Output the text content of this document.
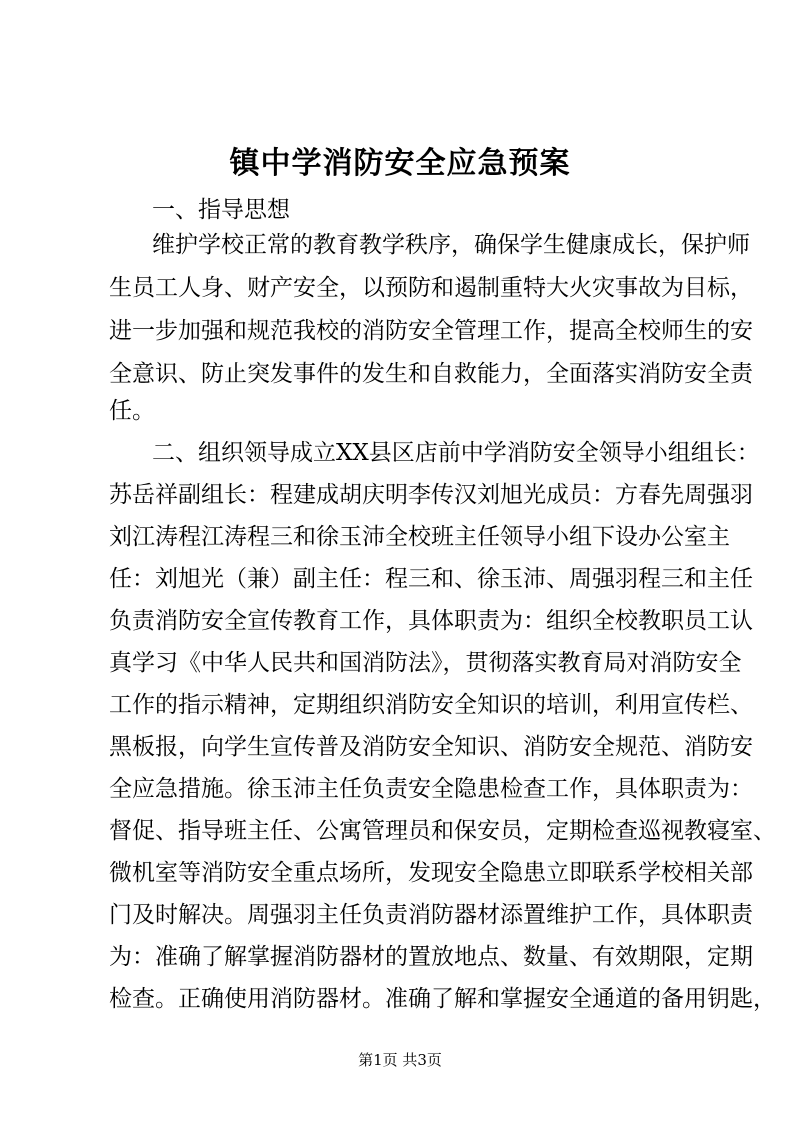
镇中学消防安全应急预案
一、指导思想
维护学校正常的教育教学秩序，确保学生健康成长，保护师
生员工人身、财产安全，以预防和遏制重特大火灾事故为目标，
进一步加强和规范我校的消防安全管理工作，提高全校师生的安
全意识、防止突发事件的发生和自救能力，全面落实消防安全责
任。
二、组织领导成立XX县区店前中学消防安全领导小组组长：
苏岳祥副组长：程建成胡庆明李传汉刘旭光成员：方春先周强羽
刘江涛程江涛程三和徐玉沛全校班主任领导小组下设办公室主
任：刘旭光（兼）副主任：程三和、徐玉沛、周强羽程三和主任
负责消防安全宣传教育工作，具体职责为：组织全校教职员工认
真学习《中华人民共和国消防法》，贯彻落实教育局对消防安全
工作的指示精神，定期组织消防安全知识的培训，利用宣传栏、
黑板报，向学生宣传普及消防安全知识、消防安全规范、消防安
全应急措施。徐玉沛主任负责安全隐患检查工作，具体职责为：
督促、指导班主任、公寓管理员和保安员，定期检查巡视教寝室、
微机室等消防安全重点场所，发现安全隐患立即联系学校相关部
门及时解决。周强羽主任负责消防器材添置维护工作，具体职责
为：准确了解掌握消防器材的置放地点、数量、有效期限，定期
检查。正确使用消防器材。准确了解和掌握安全通道的备用钥匙，
第1页 共3页
